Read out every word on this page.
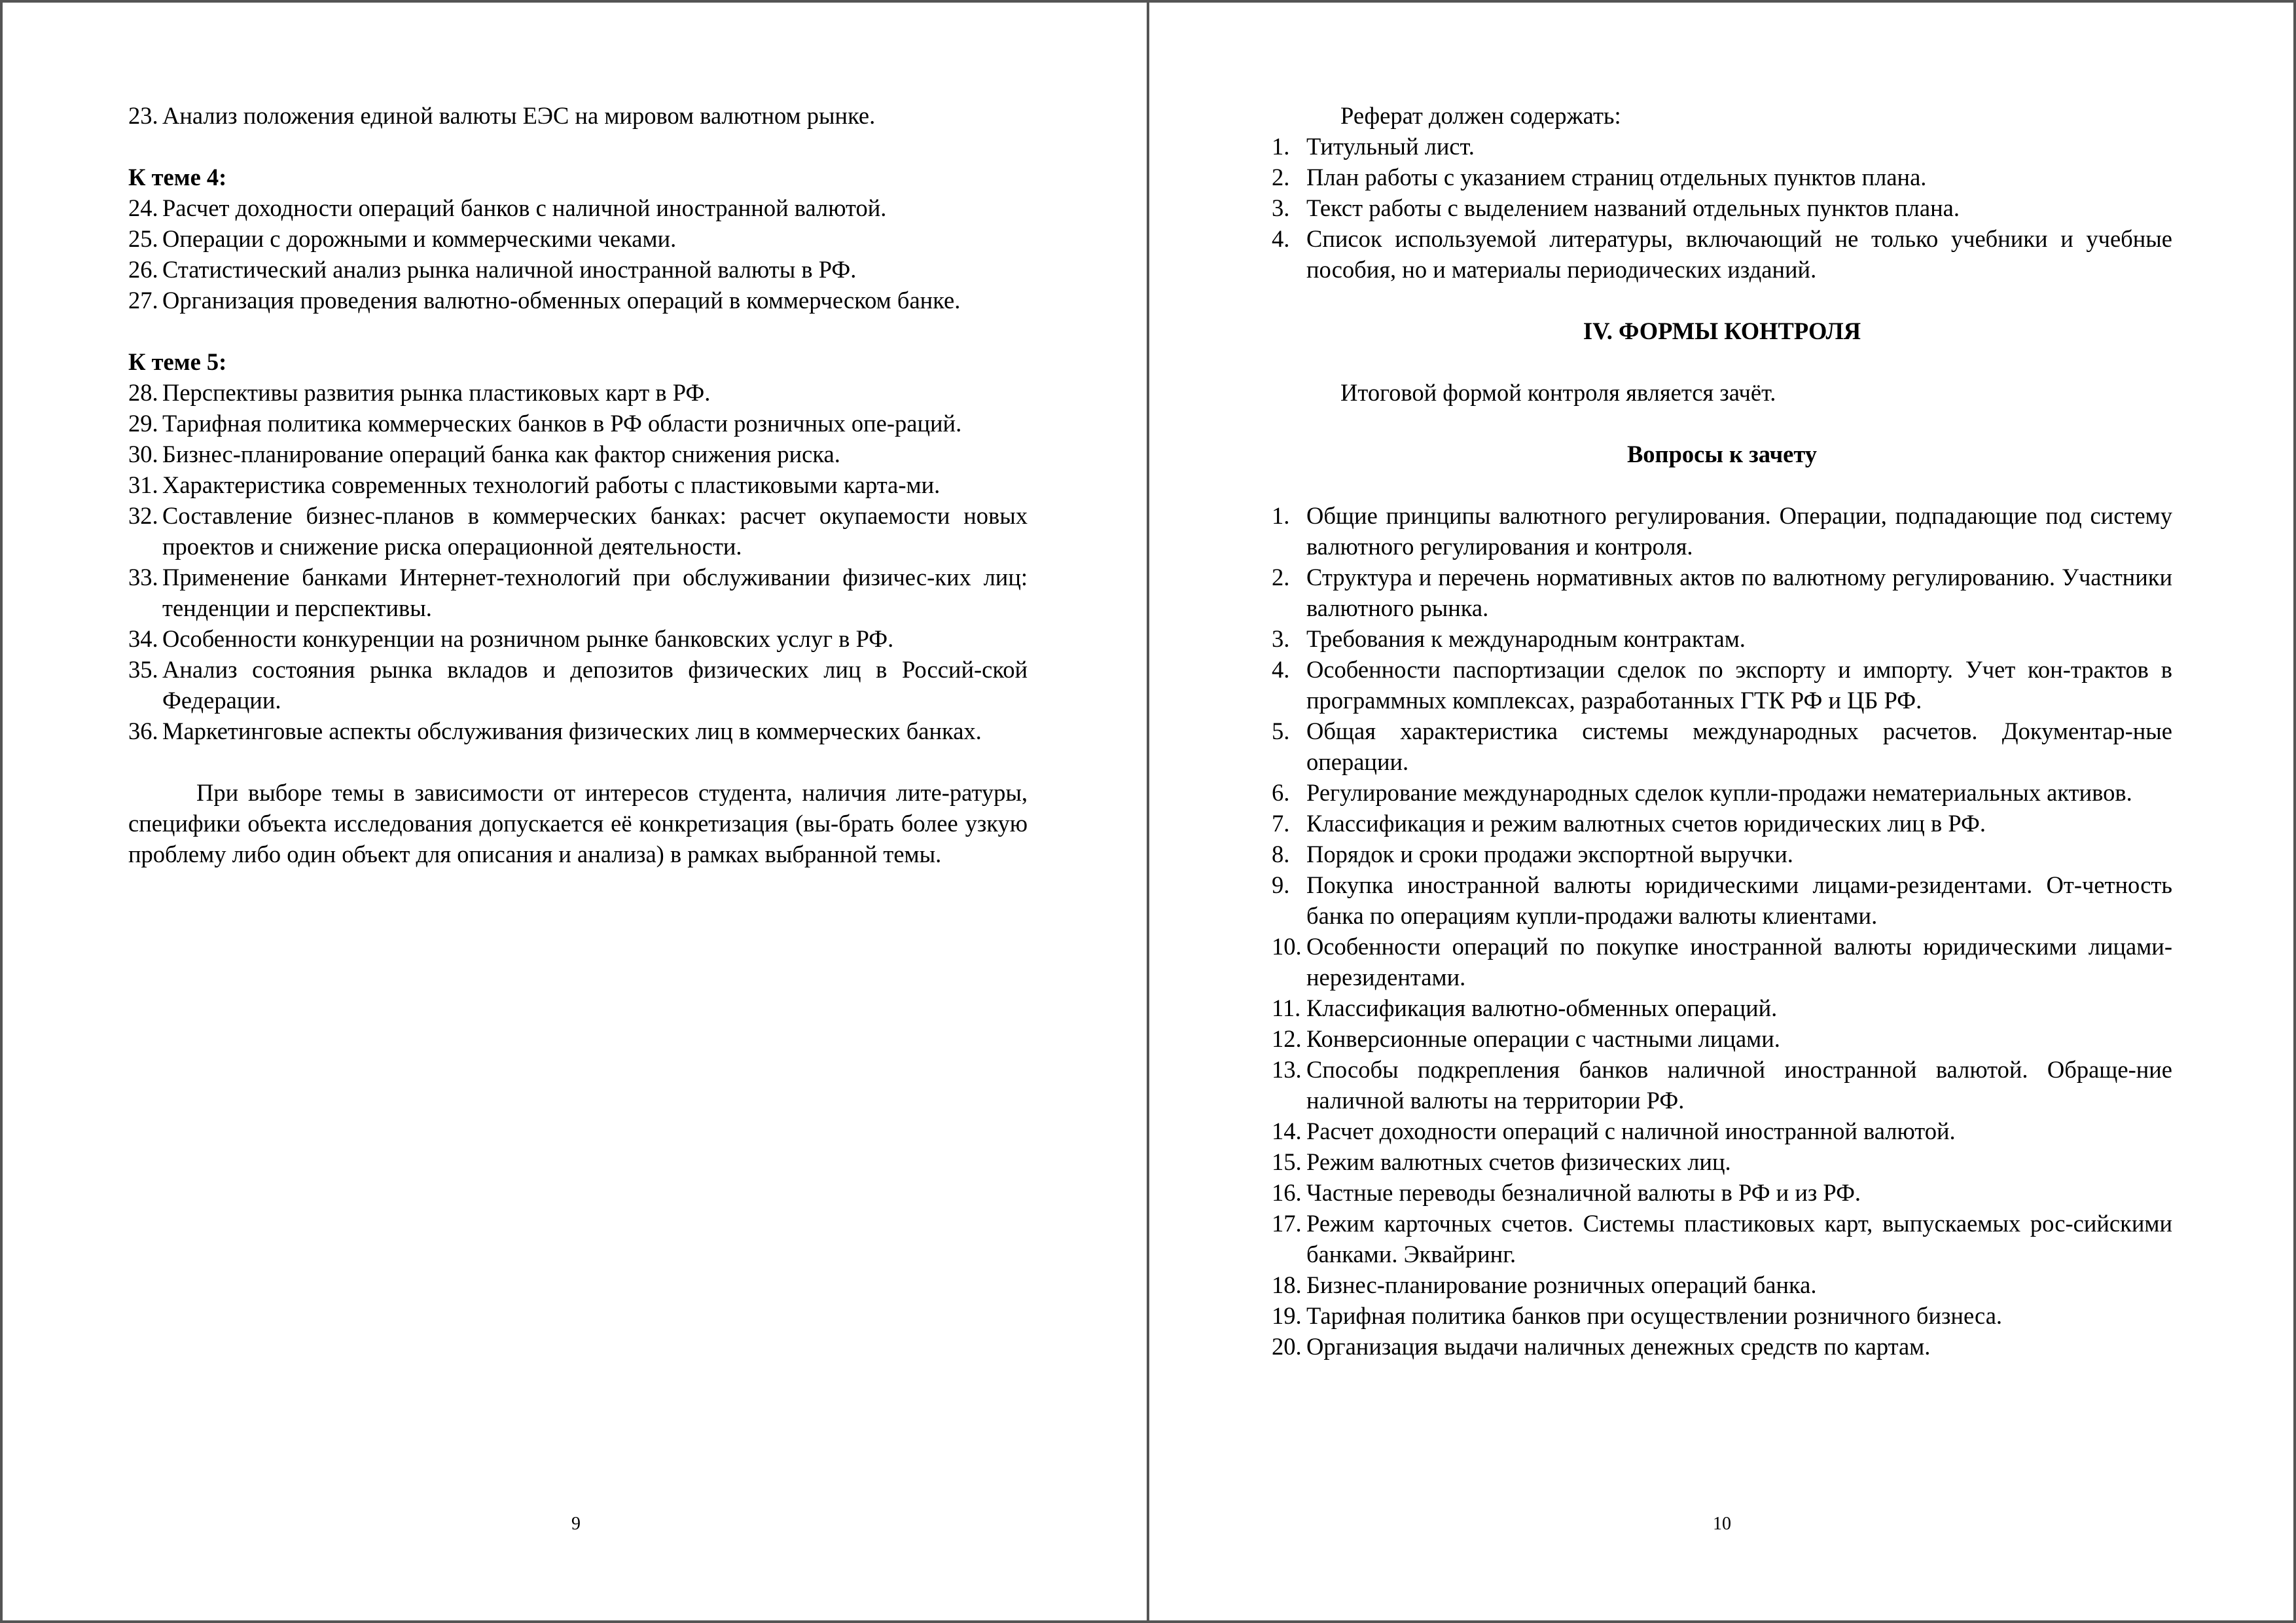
23. Анализ положения единой валюты ЕЭС на мировом валютном рынке.

К теме 4:

24. Расчет доходности операций банков с наличной иностранной валютой.
25. Операции с дорожными и коммерческими чеками.
26. Статистический анализ рынка наличной иностранной валюты в РФ.
27. Организация проведения валютно-обменных операций в коммерческом банке.

К теме 5:

28. Перспективы развития рынка пластиковых карт в РФ.
29. Тарифная политика коммерческих банков в РФ области розничных опе-раций.
30. Бизнес-планирование операций банка как фактор снижения риска.
31. Характеристика современных технологий работы с пластиковыми карта-ми.
32. Составление бизнес-планов в коммерческих банках: расчет окупаемости новых проектов и снижение риска операционной деятельности.
33. Применение банками Интернет-технологий при обслуживании физичес-ких лиц: тенденции и перспективы.
34. Особенности конкуренции на розничном рынке банковских услуг в РФ.
35. Анализ состояния рынка вкладов и депозитов физических лиц в Россий-ской Федерации.
36. Маркетинговые аспекты обслуживания физических лиц в коммерческих банках.

При выборе темы в зависимости от интересов студента, наличия лите-ратуры, специфики объекта исследования допускается её конкретизация (вы-брать более узкую проблему либо один объект для описания и анализа) в рамках выбранной темы.

9

Реферат должен содержать:

1. Титульный лист.
2. План работы с указанием страниц отдельных пунктов плана.
3. Текст работы с выделением названий отдельных пунктов плана.
4. Список используемой литературы, включающий не только учебники и учебные пособия, но и материалы периодических изданий.

IV. ФОРМЫ КОНТРОЛЯ

Итоговой формой контроля является зачёт.

Вопросы к зачету

1. Общие принципы валютного регулирования. Операции, подпадающие под систему валютного регулирования и контроля.
2. Структура и перечень нормативных актов по валютному регулированию. Участники валютного рынка.
3. Требования к международным контрактам.
4. Особенности паспортизации сделок по экспорту и импорту. Учет кон-трактов в программных комплексах, разработанных ГТК РФ и ЦБ РФ.
5. Общая характеристика системы международных расчетов. Документар-ные операции.
6. Регулирование международных сделок купли-продажи нематериальных активов.
7. Классификация и режим валютных счетов юридических лиц в РФ.
8. Порядок и сроки продажи экспортной выручки.
9. Покупка иностранной валюты юридическими лицами-резидентами. От-четность банка по операциям купли-продажи валюты клиентами.
10. Особенности операций по покупке иностранной валюты юридическими лицами-нерезидентами.
11. Классификация валютно-обменных операций.
12. Конверсионные операции с частными лицами.
13. Способы подкрепления банков наличной иностранной валютой. Обраще-ние наличной валюты на территории РФ.
14. Расчет доходности операций с наличной иностранной валютой.
15. Режим валютных счетов физических лиц.
16. Частные переводы безналичной валюты в РФ и из РФ.
17. Режим карточных счетов. Системы пластиковых карт, выпускаемых рос-сийскими банками. Эквайринг.
18. Бизнес-планирование розничных операций банка.
19. Тарифная политика банков при осуществлении розничного бизнеса.
20. Организация выдачи наличных денежных средств по картам.
10
